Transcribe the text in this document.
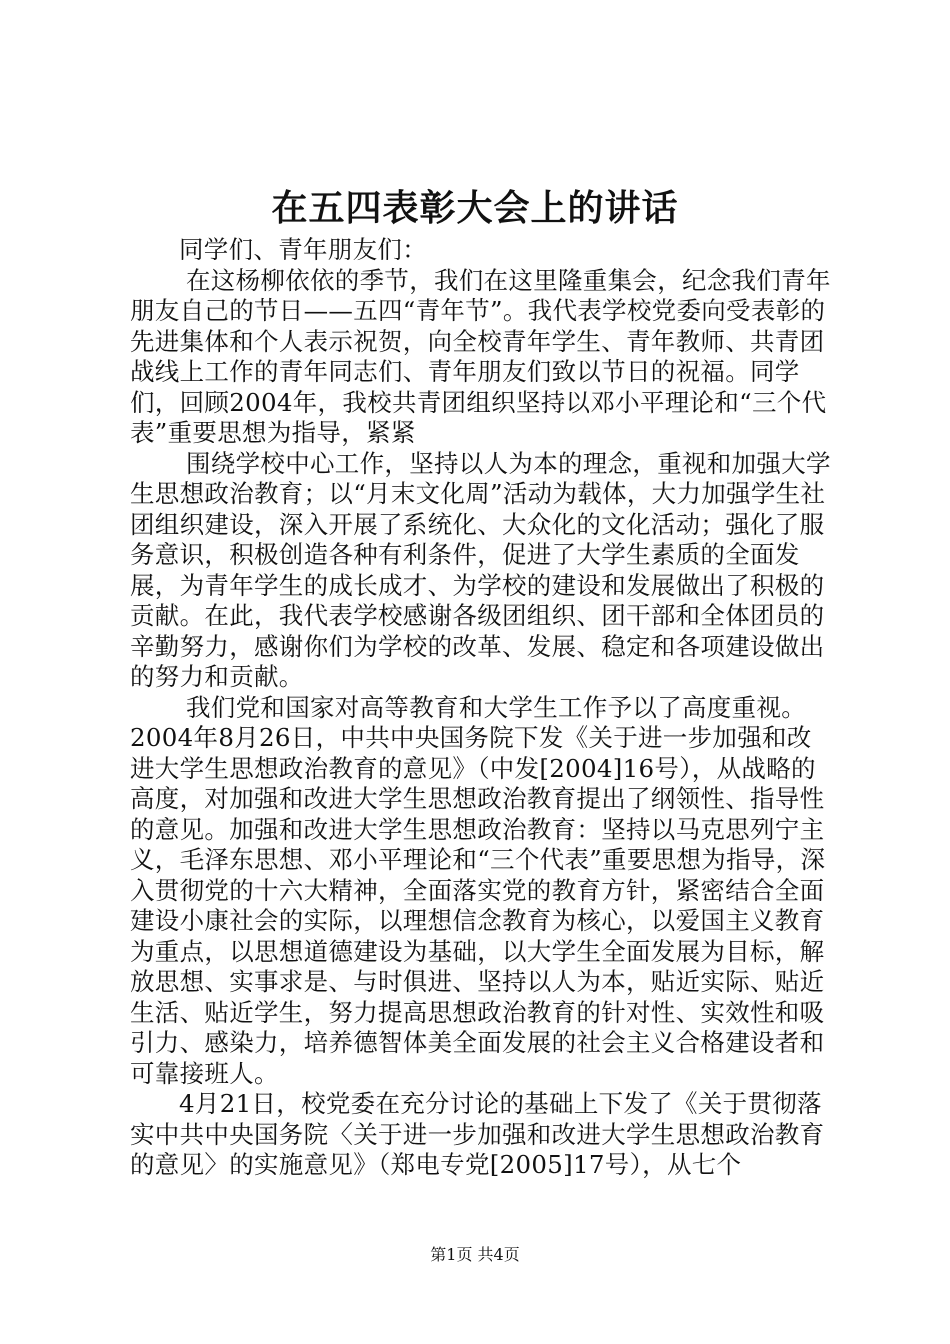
在五四表彰大会上的讲话

同学们、青年朋友们：

在这杨柳依依的季节，我们在这里隆重集会，纪念我们青年朋友自己的节日——五四“青年节”。我代表学校党委向受表彰的先进集体和个人表示祝贺，向全校青年学生、青年教师、共青团战线上工作的青年同志们、青年朋友们致以节日的祝福。同学们，回顾2004年，我校共青团组织坚持以邓小平理论和“三个代表”重要思想为指导，紧紧

围绕学校中心工作，坚持以人为本的理念，重视和加强大学生思想政治教育；以“月末文化周”活动为载体，大力加强学生社团组织建设，深入开展了系统化、大众化的文化活动；强化了服务意识，积极创造各种有利条件，促进了大学生素质的全面发展，为青年学生的成长成才、为学校的建设和发展做出了积极的贡献。在此，我代表学校感谢各级团组织、团干部和全体团员的辛勤努力，感谢你们为学校的改革、发展、稳定和各项建设做出的努力和贡献。

我们党和国家对高等教育和大学生工作予以了高度重视。2004年8月26日，中共中央国务院下发《关于进一步加强和改进大学生思想政治教育的意见》（中发[2004]16号），从战略的高度，对加强和改进大学生思想政治教育提出了纲领性、指导性的意见。加强和改进大学生思想政治教育：坚持以马克思列宁主义，毛泽东思想、邓小平理论和“三个代表”重要思想为指导，深入贯彻党的十六大精神，全面落实党的教育方针，紧密结合全面建设小康社会的实际，以理想信念教育为核心，以爱国主义教育为重点，以思想道德建设为基础，以大学生全面发展为目标，解放思想、实事求是、与时俱进、坚持以人为本，贴近实际、贴近生活、贴近学生，努力提高思想政治教育的针对性、实效性和吸引力、感染力，培养德智体美全面发展的社会主义合格建设者和可靠接班人。

4月21日，校党委在充分讨论的基础上下发了《关于贯彻落实中共中央国务院〈关于进一步加强和改进大学生思想政治教育的意见〉的实施意见》（郑电专党[2005]17号），从七个

第1页 共4页
